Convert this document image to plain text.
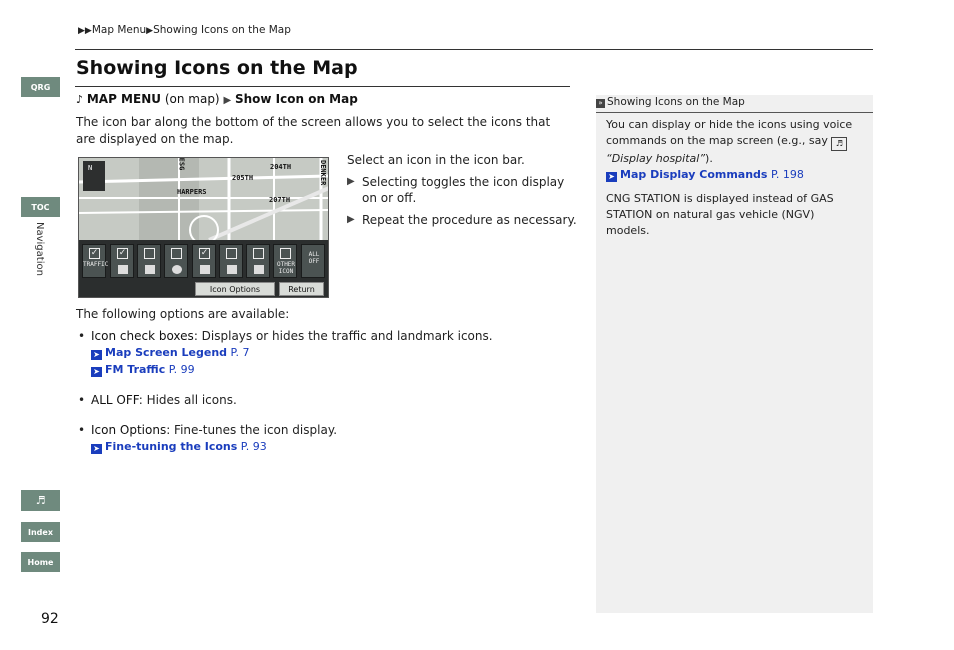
▶▶Map Menu▶Showing Icons on the Map
Showing Icons on the Map
QRG
TOC
Navigation
♬
Index
Home
♪ MAP MENU (on map) ▶ Show Icon on Map
The icon bar along the bottom of the screen allows you to select the icons that are displayed on the map.
N	ESG	204TH
205TH
207TH
HARPERS
DENKER
✓
TRAFFIC
✓	✓
OTHER ICON
ALL OFF
Icon Options	Return

Select an icon in the icon bar.

▶ Selecting toggles the icon display on or off.

▶ Repeat the procedure as necessary.

The following options are available:
• Icon check boxes: Displays or hides the traffic and landmark icons.
➤ Map Screen Legend P. 7
➤ FM Traffic P. 99
• ALL OFF: Hides all icons.
• Icon Options: Fine-tunes the icon display.
➤ Fine-tuning the Icons P. 93
» Showing Icons on the Map

You can display or hide the icons using voice commands on the map screen (e.g., say ♬
“Display hospital”).

➤ Map Display Commands P. 198

CNG STATION is displayed instead of GAS STATION on natural gas vehicle (NGV) models.

92
